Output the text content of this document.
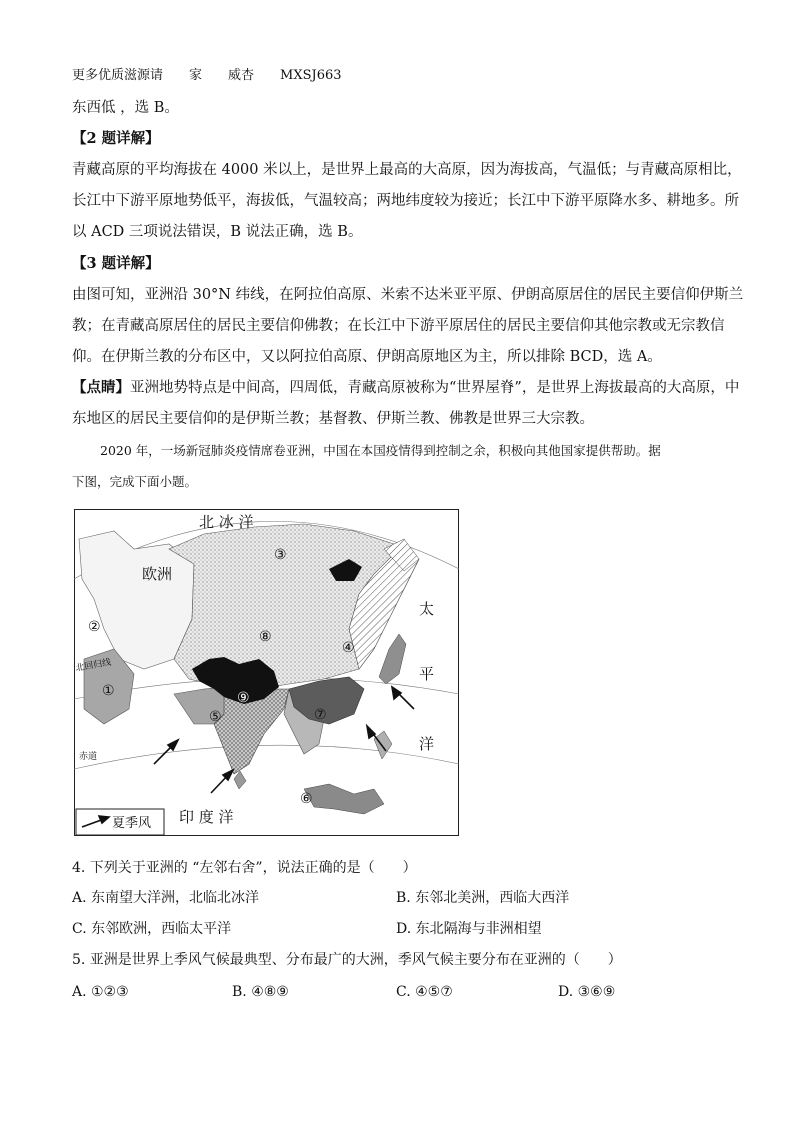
更多优质滋源请 家 威杏 MXSJ663
东西低 ，选 B。
【2 题详解】
青藏高原的平均海拔在 4000 米以上，是世界上最高的大高原，因为海拔高，气温低；与青藏高原相比，
长江中下游平原地势低平，海拔低，气温较高；两地纬度较为接近；长江中下游平原降水多、耕地多。所
以 ACD 三项说法错误，B 说法正确，选 B。
【3 题详解】
由图可知，亚洲沿 30°N 纬线，在阿拉伯高原、米索不达米亚平原、伊朗高原居住的居民主要信仰伊斯兰
教；在青藏高原居住的居民主要信仰佛教；在长江中下游平原居住的居民主要信仰其他宗教或无宗教信
仰。在伊斯兰教的分布区中，又以阿拉伯高原、伊朗高原地区为主，所以排除 BCD，选 A。
【点睛】亚洲地势特点是中间高，四周低，青藏高原被称为“世界屋脊”，是世界上海拔最高的大高原，中
东地区的居民主要信仰的是伊斯兰教；基督教、伊斯兰教、佛教是世界三大宗教。
2020 年，一场新冠肺炎疫情席卷亚洲，中国在本国疫情得到控制之余，积极向其他国家提供帮助。据
下图，完成下面小题。
①
②
③
④
⑤
⑥
⑦
⑧
⑨
北 冰 洋
欧洲
太
平
洋
印 度 洋
北回归线
赤道
夏季风
4. 下列关于亚洲的 “左邻右舍”，说法正确的是（　　）
A. 东南望大洋洲，北临北冰洋	B. 东邻北美洲，西临大西洋
C. 东邻欧洲，西临太平洋	D. 东北隔海与非洲相望
5. 亚洲是世界上季风气候最典型、分布最广的大洲，季风气候主要分布在亚洲的（　　）
A. ①②③	B. ④⑧⑨	C. ④⑤⑦	D. ③⑥⑨
